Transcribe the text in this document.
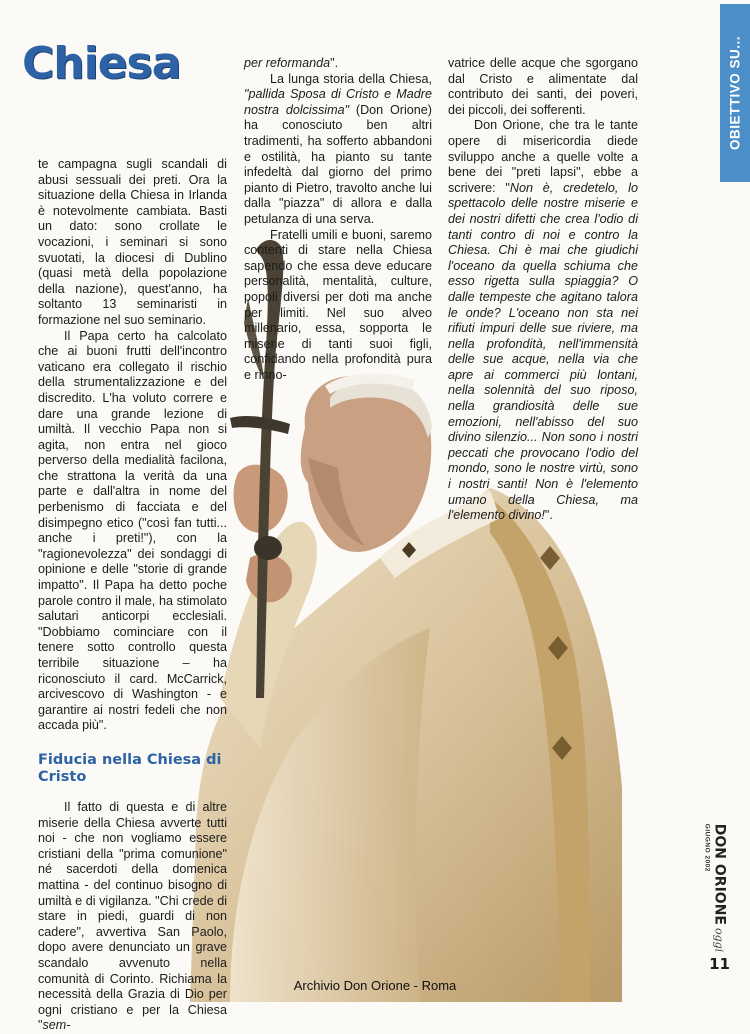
Chiesa	OBIETTIVO SU...

te campagna sugli scandali di abusi sessuali dei preti. Ora la situazione della Chiesa in Irlanda è notevolmente cambiata. Basti un dato: sono crollate le vocazioni, i seminari si sono svuotati, la diocesi di Dublino (quasi metà della popolazione della nazione), quest'anno, ha soltanto 13 seminaristi in formazione nel suo seminario.

Il Papa certo ha calcolato che ai buoni frutti dell'incontro vaticano era collegato il rischio della strumentalizzazione e del discredito. L'ha voluto correre e dare una grande lezione di umiltà. Il vecchio Papa non si agita, non entra nel gioco perverso della medialità facilona, che strattona la verità da una parte e dall'altra in nome del perbenismo di facciata e del disimpegno etico ("così fan tutti... anche i preti!"), con la "ragionevolezza" dei sondaggi di opinione e delle "storie di grande impatto". Il Papa ha detto poche parole contro il male, ha stimolato salutari anticorpi ecclesiali. "Dobbiamo cominciare con il tenere sotto controllo questa terribile situazione – ha riconosciuto il card. McCarrick, arcivescovo di Washington - e garantire ai nostri fedeli che non accada più".

Fiducia nella Chiesa di Cristo

Il fatto di questa e di altre miserie della Chiesa avverte tutti noi - che non vogliamo essere cristiani della "prima comunione" né sacerdoti della domenica mattina - del continuo bisogno di umiltà e di vigilanza. "Chi crede di stare in piedi, guardi di non cadere", avvertiva San Paolo, dopo avere denunciato un grave scandalo avvenuto nella comunità di Corinto. Richiama la necessità della Grazia di Dio per ogni cristiano e per la Chiesa "sem-

per reformanda".

La lunga storia della Chiesa, "pallida Sposa di Cristo e Madre nostra dolcissima" (Don Orione) ha conosciuto ben altri tradimenti, ha sofferto abbandoni e ostilità, ha pianto su tante infedeltà dal giorno del primo pianto di Pietro, travolto anche lui dalla "piazza" di allora e dalla petulanza di una serva.

Fratelli umili e buoni, saremo contenti di stare nella Chiesa sapendo che essa deve educare personalità, mentalità, culture, popoli diversi per doti ma anche per limiti. Nel suo alveo millenario, essa, sopporta le miserie di tanti suoi figli, confidando nella profondità pura e rinno-

vatrice delle acque che sgorgano dal Cristo e alimentate dal contributo dei santi, dei poveri, dei piccoli, dei sofferenti.

Don Orione, che tra le tante opere di misericordia diede sviluppo anche a quelle volte a bene dei "preti lapsi", ebbe a scrivere: "Non è, credetelo, lo spettacolo delle nostre miserie e dei nostri difetti che crea l'odio di tanti contro di noi e contro la Chiesa. Chi è mai che giudichi l'oceano da quella schiuma che esso rigetta sulla spiaggia? O dalle tempeste che agitano talora le onde? L'oceano non sta nei rifiuti impuri delle sue riviere, ma nella profondità, nell'immensità delle sue acque, nella via che apre ai commerci più lontani, nella solennità del suo riposo, nella grandiosità delle sue emozioni, nell'abisso del suo divino silenzio... Non sono i nostri peccati che provocano l'odio del mondo, sono le nostre virtù, sono i nostri santi! Non è l'elemento umano della Chiesa, ma l'elemento divino!".

DON ORIONEoggi
GIUGNO 2002
11
Archivio Don Orione - Roma
